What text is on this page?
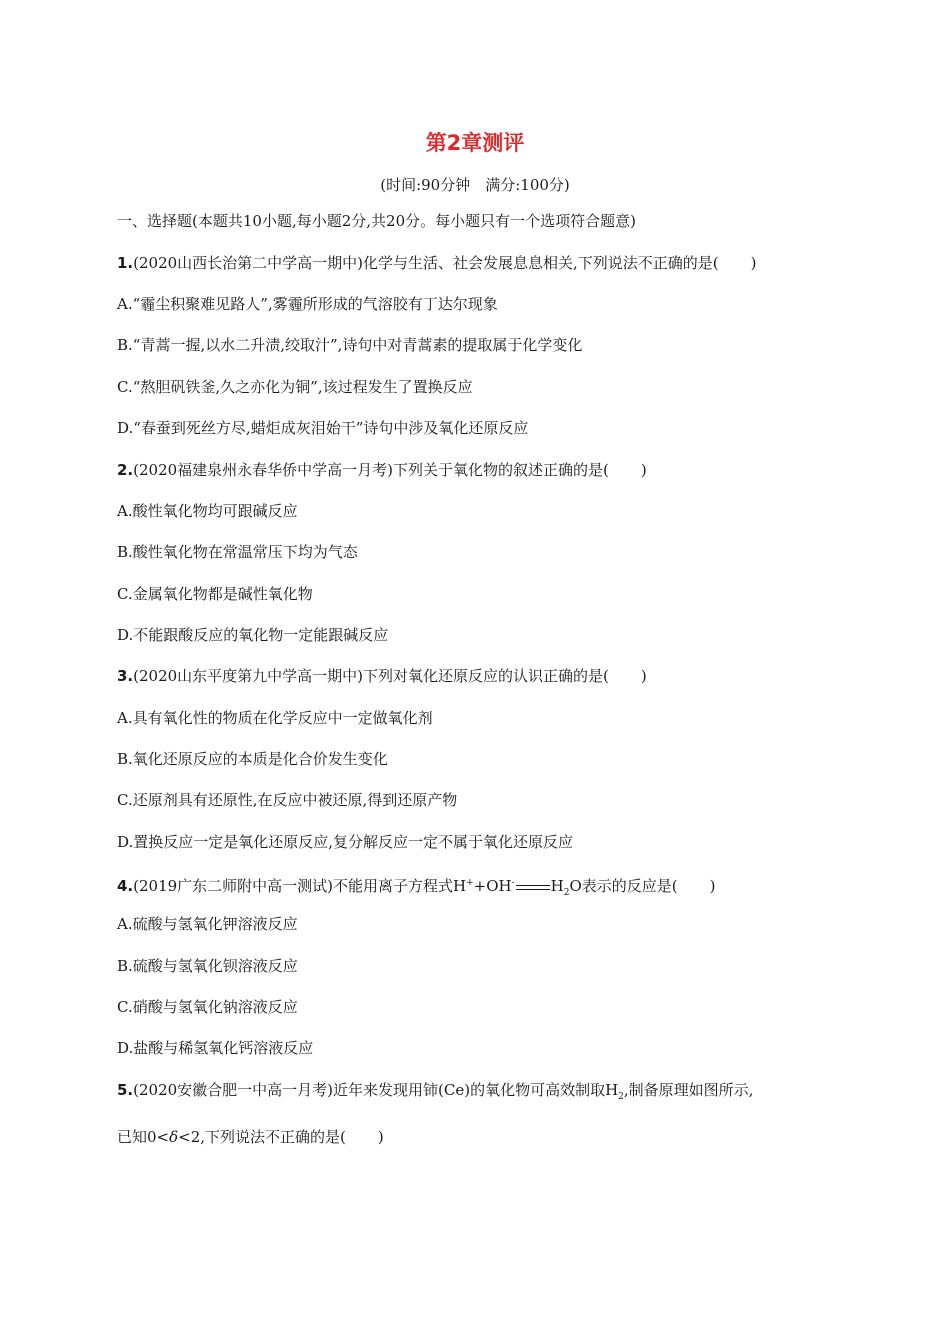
第2章测评
(时间:90分钟　满分:100分)
一、选择题(本题共10小题,每小题2分,共20分。每小题只有一个选项符合题意)
1.(2020山西长治第二中学高一期中)化学与生活、社会发展息息相关,下列说法不正确的是( )
A.“霾尘积聚难见路人”,雾霾所形成的气溶胶有丁达尔现象
B.“青蒿一握,以水二升渍,绞取汁”,诗句中对青蒿素的提取属于化学变化
C.“熬胆矾铁釜,久之亦化为铜”,该过程发生了置换反应
D.“春蚕到死丝方尽,蜡炬成灰泪始干”诗句中涉及氧化还原反应
2.(2020福建泉州永春华侨中学高一月考)下列关于氧化物的叙述正确的是( )
A.酸性氧化物均可跟碱反应
B.酸性氧化物在常温常压下均为气态
C.金属氧化物都是碱性氧化物
D.不能跟酸反应的氧化物一定能跟碱反应
3.(2020山东平度第九中学高一期中)下列对氧化还原反应的认识正确的是( )
A.具有氧化性的物质在化学反应中一定做氧化剂
B.氧化还原反应的本质是化合价发生变化
C.还原剂具有还原性,在反应中被还原,得到还原产物
D.置换反应一定是氧化还原反应,复分解反应一定不属于氧化还原反应
4.(2019广东二师附中高一测试)不能用离子方程式H++OH- $H_2O$表示的反应是( )
A.硫酸与氢氧化钾溶液反应
B.硫酸与氢氧化钡溶液反应
C.硝酸与氢氧化钠溶液反应
D.盐酸与稀氢氧化钙溶液反应
5.(2020安徽合肥一中高一月考)近年来发现用铈(Ce)的氧化物可高效制取$H_2$,制备原理如图所示,
已知0<δ<2,下列说法不正确的是( )
